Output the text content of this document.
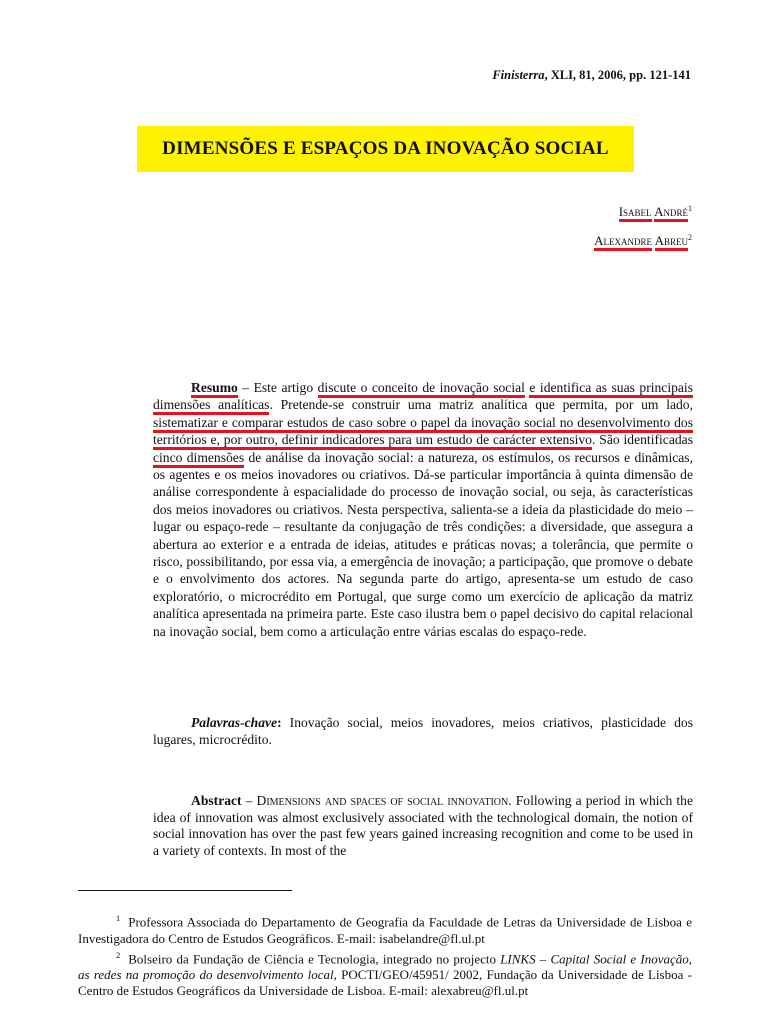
Finisterra, XLI, 81, 2006, pp. 121-141
DIMENSÕES E ESPAÇOS DA INOVAÇÃO SOCIAL
Isabel André$^1$
Alexandre Abreu$^2$

Resumo – Este artigo discute o conceito de inovação social e identifica as suas principais dimensões analíticas. Pretende-se construir uma matriz analítica que permita, por um lado, sistematizar e comparar estudos de caso sobre o papel da inovação social no desenvolvimento dos territórios e, por outro, definir indicadores para um estudo de carácter extensivo. São identificadas cinco dimensões de análise da inovação social: a natureza, os estímulos, os recursos e dinâmicas, os agentes e os meios inovadores ou criativos. Dá-se particular importância à quinta dimensão de análise correspondente à espacialidade do processo de inovação social, ou seja, às características dos meios inovadores ou criativos. Nesta perspectiva, salienta-se a ideia da plasticidade do meio – lugar ou espaço-rede – resultante da conjugação de três condições: a diversidade, que assegura a abertura ao exterior e a entrada de ideias, atitudes e práticas novas; a tolerância, que permite o risco, possibilitando, por essa via, a emergência de inovação; a participação, que promove o debate e o envolvimento dos actores. Na segunda parte do artigo, apresenta-se um estudo de caso exploratório, o microcrédito em Portugal, que surge como um exercício de aplicação da matriz analítica apresentada na primeira parte. Este caso ilustra bem o papel decisivo do capital relacional na inovação social, bem como a articulação entre várias escalas do espaço-rede.

Palavras-chave: Inovação social, meios inovadores, meios criativos, plasticidade dos lugares, microcrédito.

Abstract – Dimensions and spaces of social innovation. Following a period in which the idea of innovation was almost exclusively associated with the technological domain, the notion of social innovation has over the past few years gained increasing recognition and come to be used in a variety of contexts. In most of the

$^1$ Professora Associada do Departamento de Geografia da Faculdade de Letras da Universidade de Lisboa e Investigadora do Centro de Estudos Geográficos. E-mail: isabelandre@fl.ul.pt

$^2$ Bolseiro da Fundação de Ciência e Tecnologia, integrado no projecto LINKS – Capital Social e Inovação, as redes na promoção do desenvolvimento local, POCTI/GEO/45951/ 2002, Fundação da Universidade de Lisboa - Centro de Estudos Geográficos da Universidade de Lisboa. E-mail: alexabreu@fl.ul.pt
